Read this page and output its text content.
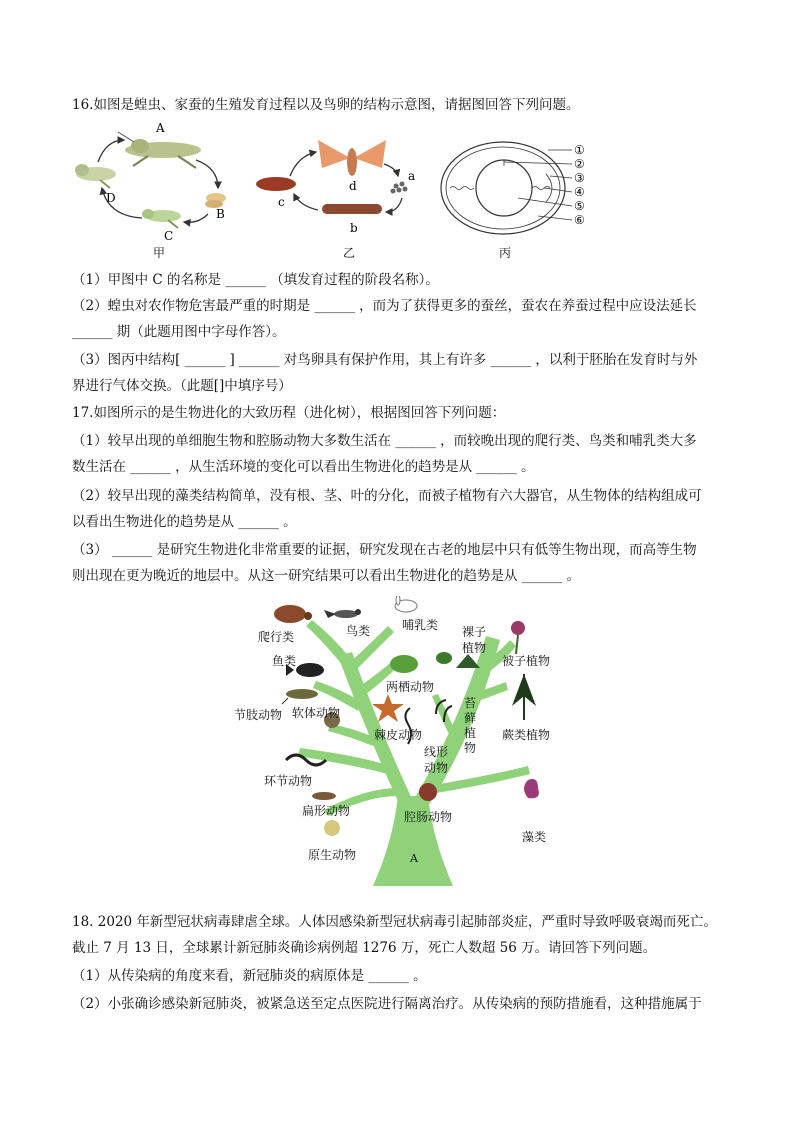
16.如图是蝗虫、家蚕的生殖发育过程以及鸟卵的结构示意图，请据图回答下列问题。
A
B
C
D
甲
d
a
b
c
乙
①
②
③
④
⑤
⑥
丙
（1）甲图中 C 的名称是 ______ （填发育过程的阶段名称）。
（2）蝗虫对农作物危害最严重的时期是 ______ ，而为了获得更多的蚕丝，蚕农在养蚕过程中应设法延长
______ 期（此题用图中字母作答）。
（3）图丙中结构[ ______ ] ______ 对鸟卵具有保护作用，其上有许多 ______ ，以利于胚胎在发育时与外
界进行气体交换。（此题[]中填序号）
17.如图所示的是生物进化的大致历程（进化树），根据图回答下列问题：
（1）较早出现的单细胞生物和腔肠动物大多数生活在 ______ ，而较晚出现的爬行类、鸟类和哺乳类大多
数生活在 ______ ，从生活环境的变化可以看出生物进化的趋势是从 ______ 。
（2）较早出现的藻类结构简单，没有根、茎、叶的分化，而被子植物有六大器官，从生物体的结构组成可
以看出生物进化的趋势是从 ______ 。
（3） ______ 是研究生物进化非常重要的证据，研究发现在古老的地层中只有低等生物出现，而高等生物
则出现在更为晚近的地层中。从这一研究结果可以看出生物进化的趋势是从 ______ 。
爬行类	鸟类	哺乳类
鱼类
两栖动物
节肢动物 软体动物
棘皮动物
环节动物
线形动物
扁形动物	腔肠动物
原生动物
裸子植物
被子植物
蕨类植物
苔藓植物
藻类
A
18. 2020 年新型冠状病毒肆虐全球。人体因感染新型冠状病毒引起肺部炎症，严重时导致呼吸衰竭而死亡。
截止 7 月 13 日，全球累计新冠肺炎确诊病例超 1276 万，死亡人数超 56 万。请回答下列问题。
（1）从传染病的角度来看，新冠肺炎的病原体是 ______ 。
（2）小张确诊感染新冠肺炎，被紧急送至定点医院进行隔离治疗。从传染病的预防措施看，这种措施属于
